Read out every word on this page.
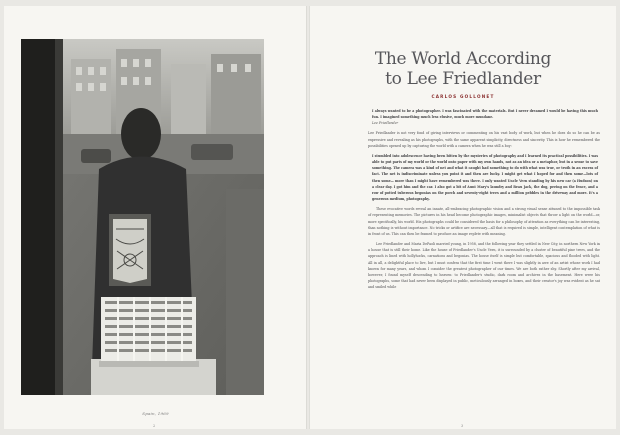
Spain, 1969
2
The World According
to Lee Friedlander
CARLOS GOLLONET

I always wanted to be a photographer. I was fascinated with the materials. But I never dreamed I would be having this much fun. I imagined something much less elusive, much more mundane.
Lee Friedlander

Lee Friedlander is not very fond of giving interviews or commenting on his vast body of work, but when he does do so he can be as expressive and revealing as his photographs, with the same apparent simplicity, directness and sincerity. This is how he remembered the possibilities opened up by capturing the world with a camera when he was still a boy:

I stumbled into adolescence having been bitten by the mysteries of photography and I learned its practical possibilities. I was able to put parts of my world or the world onto paper with my own hands, not as an idea or a metaphor, but in a sense to save something. The camera was a kind of net and what it caught had something to do with what was true, or truth in an excess of fact. The net is indiscriminate unless you point it and then are lucky. I might get what I hoped for and then some—lots of then some— more than I might have remembered was there. I only wanted Uncle Vern standing by his new car (a Hudson) on a clear day. I got him and the car. I also got a bit of Aunt Mary's laundry and Beau Jack, the dog, peeing on the fence, and a row of potted tuberous begonias on the porch and seventy-eight trees and a million pebbles in the driveway and more. It's a generous medium, photography.

These evocative words reveal an innate, all-embracing photographic vision and a strong visual sense attuned to the impossible task of representing memories. The pictures in his head become photographic images, minimalist objects that throw a light on the world—or, more specifically, his world. His photographs could be considered the basis for a philosophy of attention as everything can be interesting, than nothing is without importance. No tricks or artifice are necessary—all that is required is simple, intelligent contemplation of what is in front of us. This can then be framed to produce an image replete with meaning.

Lee Friedlander and Maria DePaoli married young, in 1958, and the following year they settled in New City, in northern New York in a house that is still their home. Like the house of Friedlander's Uncle Vern, it is surrounded by a cluster of beautiful pine trees, and the approach is lined with hollyhocks, carnations and begonias. The house itself is simple but comfortable, spacious and flooded with light. All in all, a delightful place to live, but I must confess that the first time I went there I was slightly in awe of an artist whose work I had known for many years, and whom I consider the greatest photographer of our times. We are both rather shy. Shortly after my arrival, however, I found myself descending to heaven: to Friedlander's studio, dark room and archives in the basement. Here were his photographs, some that had never been displayed in public, meticulously arranged in boxes, and their creator's joy was evident as he sat and smiled while

3
